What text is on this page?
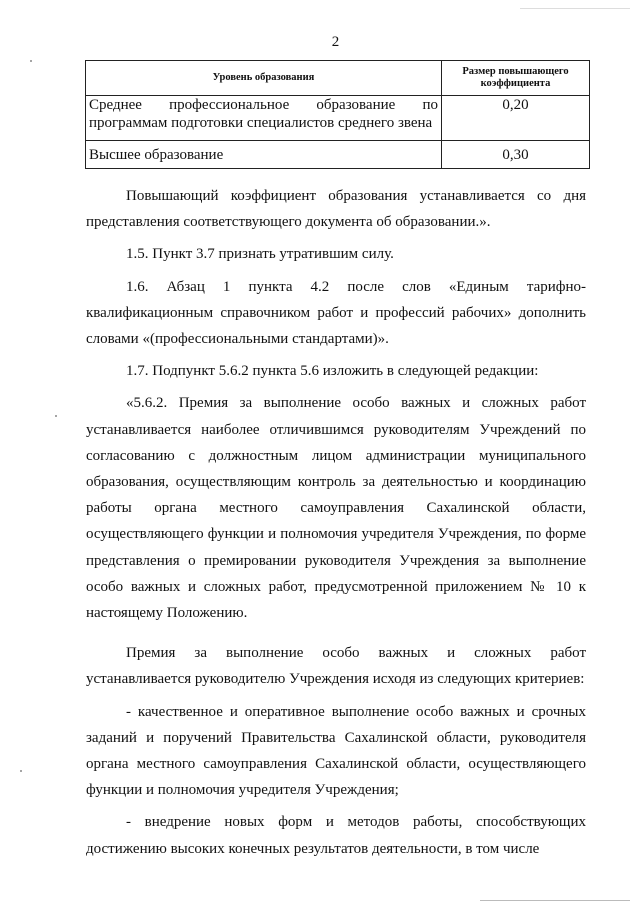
2
Уровень образования	Размер повышающего коэффициента

Среднее профессиональное образование по
программам подготовки специалистов среднего звена	0,20
Высшее образование	0,30

Повышающий коэффициент образования устанавливается со дня представления соответствующего документа об образовании.».

1.5. Пункт 3.7 признать утратившим силу.

1.6. Абзац 1 пункта 4.2 после слов «Единым тарифно-квалификационным справочником работ и профессий рабочих» дополнить словами «(профессиональными стандартами)».

1.7. Подпункт 5.6.2 пункта 5.6 изложить в следующей редакции:

«5.6.2. Премия за выполнение особо важных и сложных работ устанавливается наиболее отличившимся руководителям Учреждений по согласованию с должностным лицом администрации муниципального образования, осуществляющим контроль за деятельностью и координацию работы органа местного самоуправления Сахалинской области, осуществляющего функции и полномочия учредителя Учреждения, по форме представления о премировании руководителя Учреждения за выполнение особо важных и сложных работ, предусмотренной приложением № 10 к настоящему Положению.

Премия за выполнение особо важных и сложных работ устанавливается руководителю Учреждения исходя из следующих критериев:

- качественное и оперативное выполнение особо важных и срочных заданий и поручений Правительства Сахалинской области, руководителя органа местного самоуправления Сахалинской области, осуществляющего функции и полномочия учредителя Учреждения;

- внедрение новых форм и методов работы, способствующих достижению высоких конечных результатов деятельности, в том числе
